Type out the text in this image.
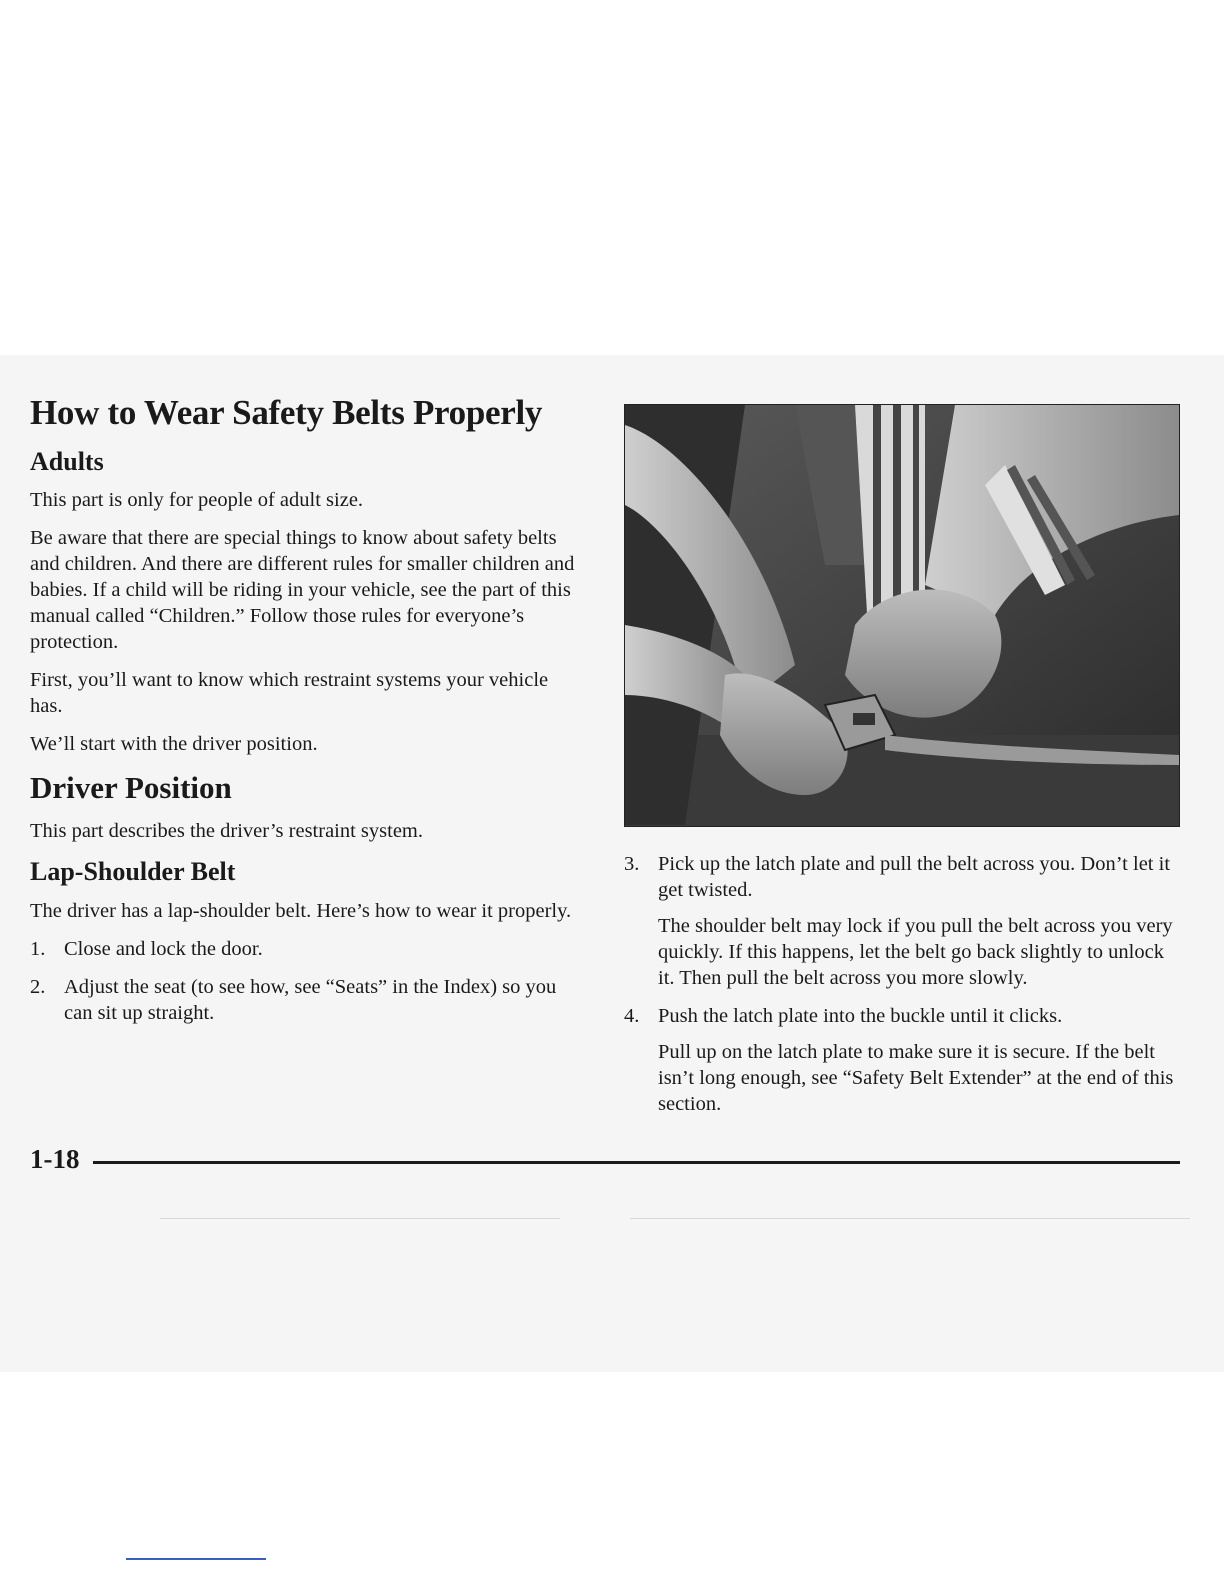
How to Wear Safety Belts Properly
Adults

This part is only for people of adult size.

Be aware that there are special things to know about safety belts and children. And there are different rules for smaller children and babies. If a child will be riding in your vehicle, see the part of this manual called “Children.” Follow those rules for everyone’s protection.

First, you’ll want to know which restraint systems your vehicle has.

We’ll start with the driver position.

Driver Position

This part describes the driver’s restraint system.

Lap-Shoulder Belt

The driver has a lap-shoulder belt. Here’s how to wear it properly.

1. Close and lock the door.
2. Adjust the seat (to see how, see “Seats” in the Index) so you can sit up straight.
3. Pick up the latch plate and pull the belt across you. Don’t let it get twisted.

The shoulder belt may lock if you pull the belt across you very quickly. If this happens, let the belt go back slightly to unlock it. Then pull the belt across you more slowly.

4. Push the latch plate into the buckle until it clicks.

Pull up on the latch plate to make sure it is secure. If the belt isn’t long enough, see “Safety Belt Extender” at the end of this section.

1-18
